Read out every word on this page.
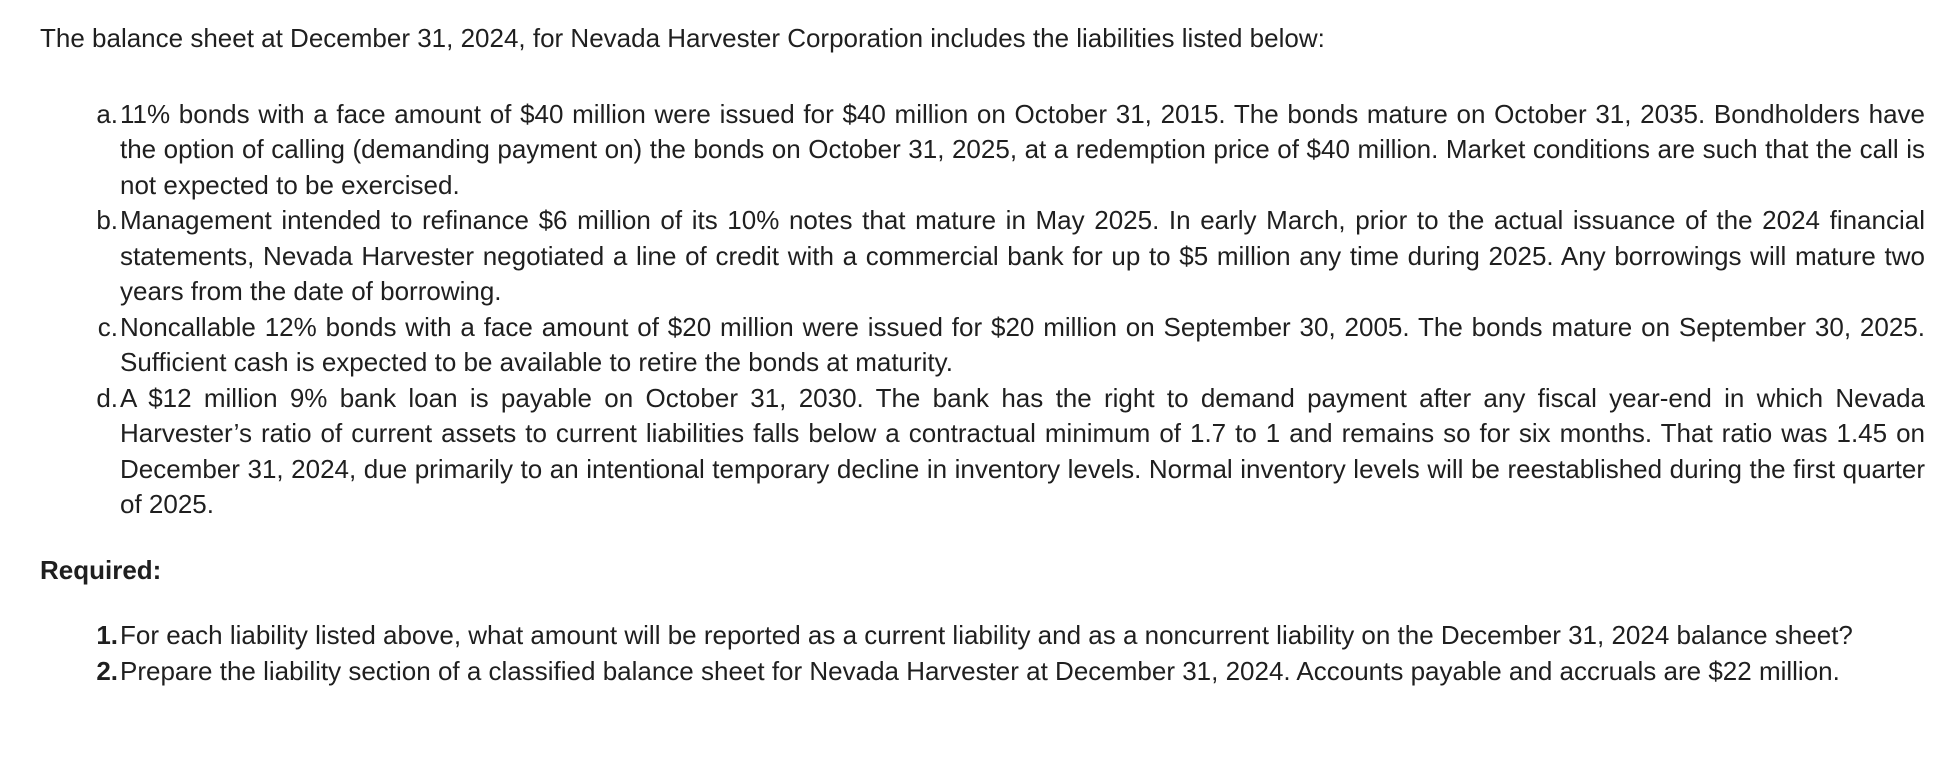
The balance sheet at December 31, 2024, for Nevada Harvester Corporation includes the liabilities listed below:

a. 11% bonds with a face amount of $40 million were issued for $40 million on October 31, 2015. The bonds mature on October 31, 2035. Bondholders have the option of calling (demanding payment on) the bonds on October 31, 2025, at a redemption price of $40 million. Market conditions are such that the call is not expected to be exercised.
b. Management intended to refinance $6 million of its 10% notes that mature in May 2025. In early March, prior to the actual issuance of the 2024 financial statements, Nevada Harvester negotiated a line of credit with a commercial bank for up to $5 million any time during 2025. Any borrowings will mature two years from the date of borrowing.
c. Noncallable 12% bonds with a face amount of $20 million were issued for $20 million on September 30, 2005. The bonds mature on September 30, 2025. Sufficient cash is expected to be available to retire the bonds at maturity.
d. A $12 million 9% bank loan is payable on October 31, 2030. The bank has the right to demand payment after any fiscal year-end in which Nevada Harvester’s ratio of current assets to current liabilities falls below a contractual minimum of 1.7 to 1 and remains so for six months. That ratio was 1.45 on December 31, 2024, due primarily to an intentional temporary decline in inventory levels. Normal inventory levels will be reestablished during the first quarter of 2025.

Required:

1. For each liability listed above, what amount will be reported as a current liability and as a noncurrent liability on the December 31, 2024 balance sheet?
2. Prepare the liability section of a classified balance sheet for Nevada Harvester at December 31, 2024. Accounts payable and accruals are $22 million.
